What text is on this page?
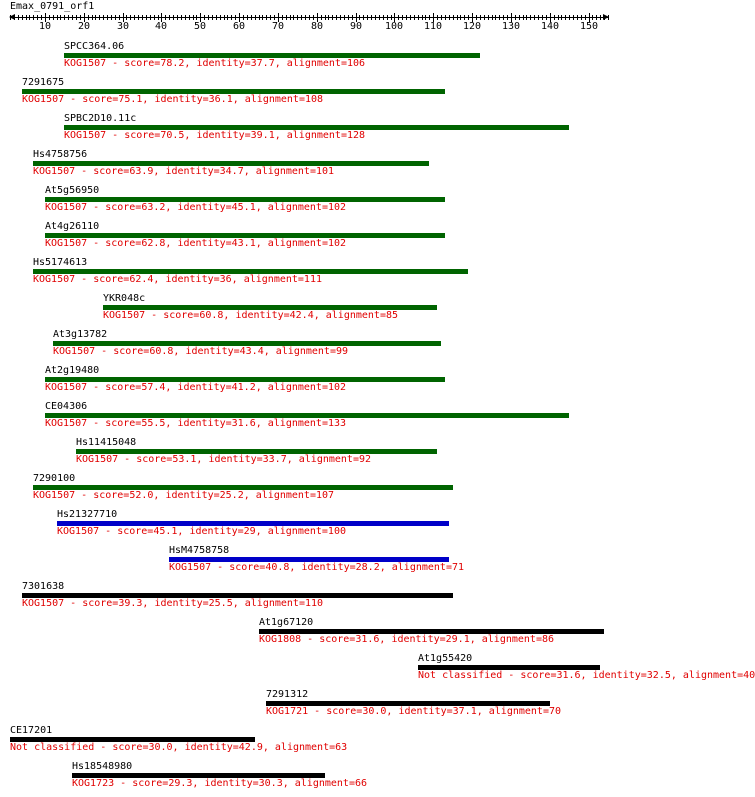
Emax_0791_orf1
10	20	30	40	50	60	70	80	90 100 110 120 130 140 150
SPCC364.06
KOG1507 - score=78.2, identity=37.7, alignment=106
7291675
KOG1507 - score=75.1, identity=36.1, alignment=108
SPBC2D10.11c
KOG1507 - score=70.5, identity=39.1, alignment=128
Hs4758756
KOG1507 - score=63.9, identity=34.7, alignment=101
At5g56950
KOG1507 - score=63.2, identity=45.1, alignment=102
At4g26110
KOG1507 - score=62.8, identity=43.1, alignment=102
Hs5174613
KOG1507 - score=62.4, identity=36, alignment=111
YKR048c
KOG1507 - score=60.8, identity=42.4, alignment=85
At3g13782
KOG1507 - score=60.8, identity=43.4, alignment=99
At2g19480
KOG1507 - score=57.4, identity=41.2, alignment=102
CE04306
KOG1507 - score=55.5, identity=31.6, alignment=133
Hs11415048
KOG1507 - score=53.1, identity=33.7, alignment=92
7290100
KOG1507 - score=52.0, identity=25.2, alignment=107
Hs21327710
KOG1507 - score=45.1, identity=29, alignment=100
HsM4758758
KOG1507 - score=40.8, identity=28.2, alignment=71
7301638
KOG1507 - score=39.3, identity=25.5, alignment=110
At1g67120
KOG1808 - score=31.6, identity=29.1, alignment=86
At1g55420
Not classified - score=31.6, identity=32.5, alignment=40
7291312
KOG1721 - score=30.0, identity=37.1, alignment=70
CE17201
Not classified - score=30.0, identity=42.9, alignment=63
Hs18548980
KOG1723 - score=29.3, identity=30.3, alignment=66
